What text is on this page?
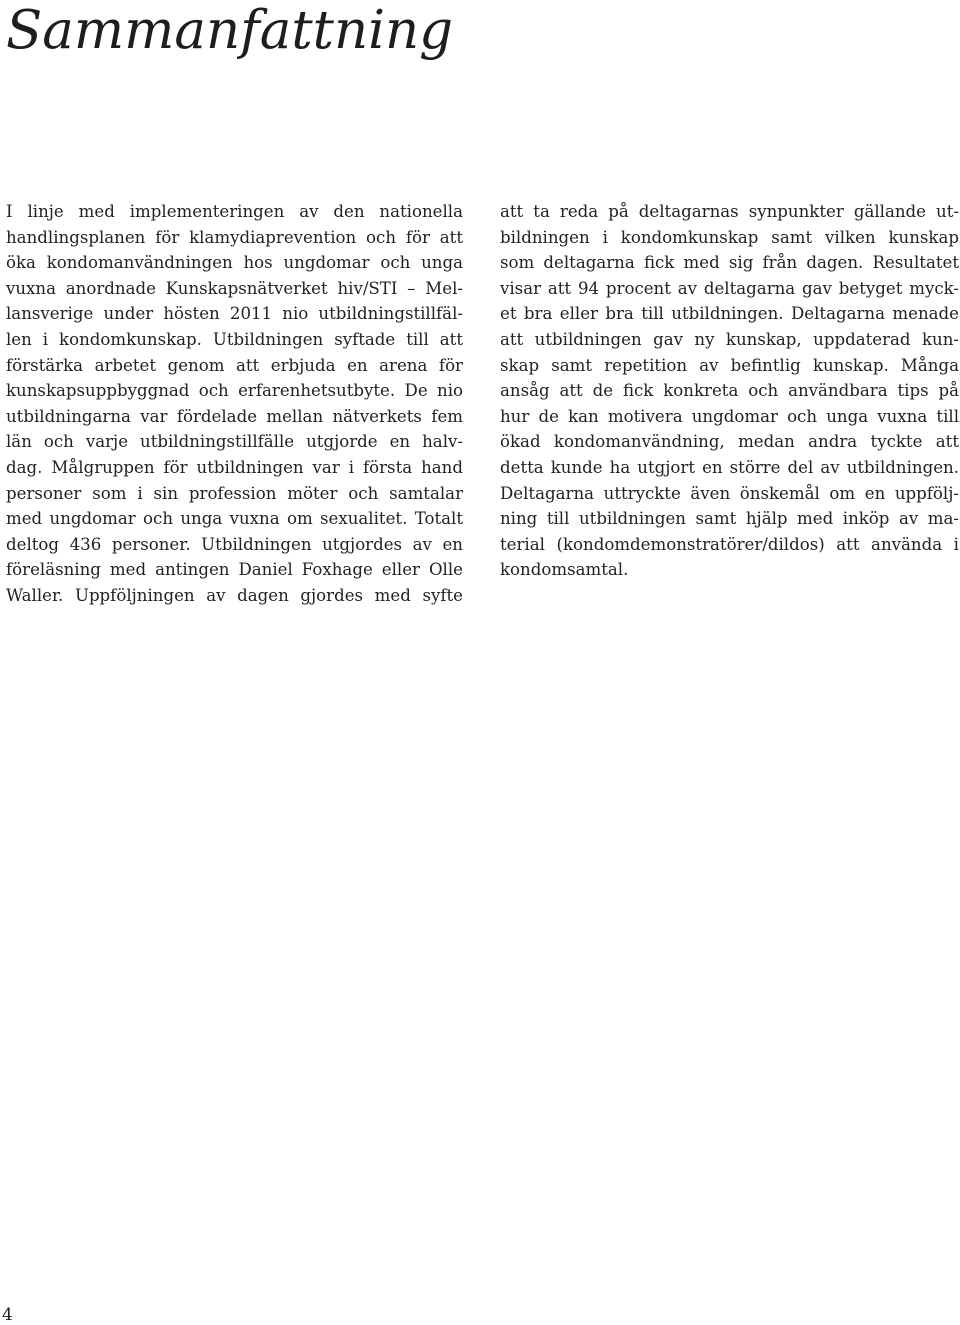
Sammanfattning
I linje med implementeringen av den nationella
handlingsplanen för klamydiaprevention och för att
öka kondomanvändningen hos ungdomar och unga
vuxna anordnade Kunskapsnätverket hiv/STI – Mel-
lansverige under hösten 2011 nio utbildningstillfäl-
len i kondomkunskap. Utbildningen syftade till att
förstärka arbetet genom att erbjuda en arena för
kunskapsuppbyggnad och erfarenhetsutbyte. De nio
utbildningarna var fördelade mellan nätverkets fem
län och varje utbildningstillfälle utgjorde en halv-
dag. Målgruppen för utbildningen var i första hand
personer som i sin profession möter och samtalar
med ungdomar och unga vuxna om sexualitet. Totalt
deltog 436 personer. Utbildningen utgjordes av en
föreläsning med antingen Daniel Foxhage eller Olle
Waller. Uppföljningen av dagen gjordes med syfte
att ta reda på deltagarnas synpunkter gällande ut-
bildningen i kondomkunskap samt vilken kunskap
som deltagarna fick med sig från dagen. Resultatet
visar att 94 procent av deltagarna gav betyget myck-
et bra eller bra till utbildningen. Deltagarna menade
att utbildningen gav ny kunskap, uppdaterad kun-
skap samt repetition av befintlig kunskap. Många
ansåg att de fick konkreta och användbara tips på
hur de kan motivera ungdomar och unga vuxna till
ökad kondomanvändning, medan andra tyckte att
detta kunde ha utgjort en större del av utbildningen.
Deltagarna uttryckte även önskemål om en uppfölj-
ning till utbildningen samt hjälp med inköp av ma-
terial (kondomdemonstratörer/dildos) att använda i
kondomsamtal.
4
